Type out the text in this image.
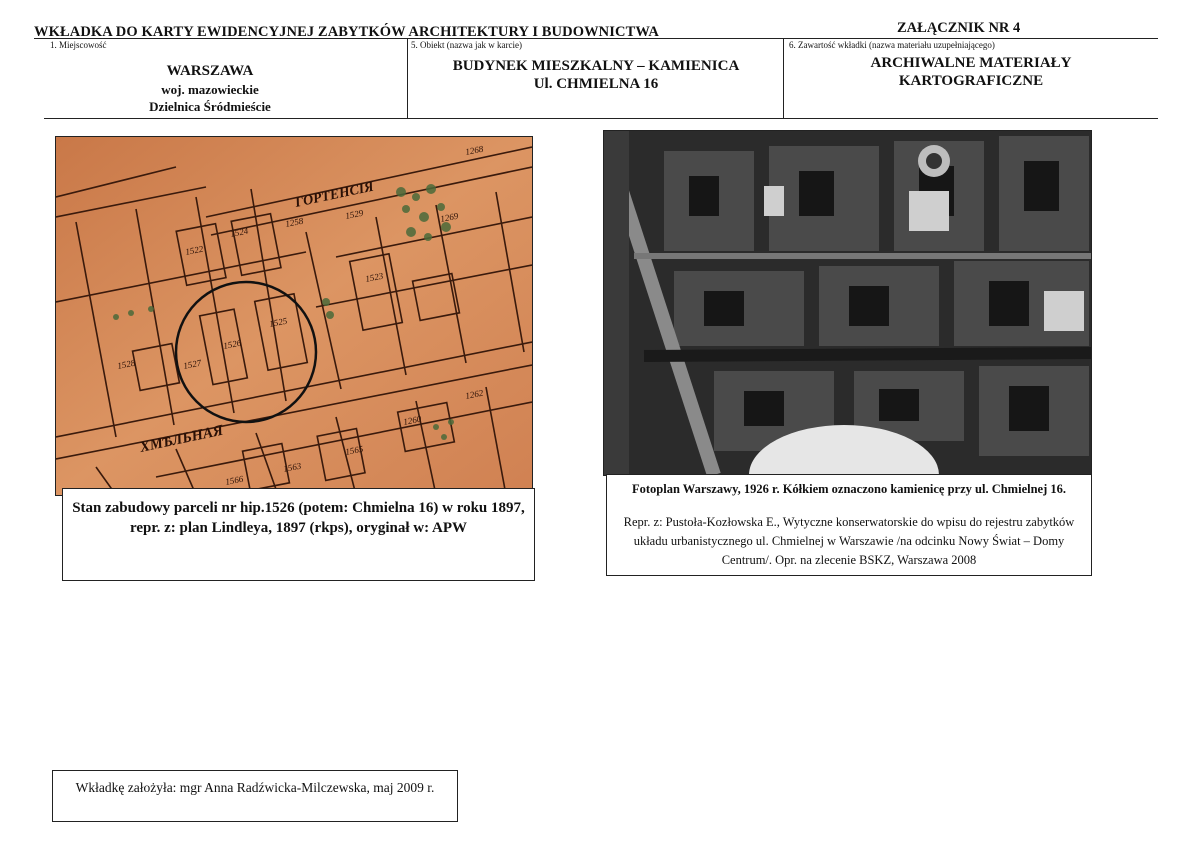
WKŁADKA DO KARTY EWIDENCYJNEJ ZABYTKÓW ARCHITEKTURY I BUDOWNICTWA	ZAŁĄCZNIK NR 4
1. Miejscowość
WARSZAWA
woj. mazowieckie
Dzielnica Śródmieście
5. Obiekt (nazwa jak w karcie)
BUDYNEK MIESZKALNY – KAMIENICA
Ul. CHMIELNA 16
6. Zawartość wkładki (nazwa materiału uzupełniającego)
ARCHIWALNE MATERIAŁY
KARTOGRAFICZNE
ГОРТЕНСIЯ
ХМѢЛЬНАЯ
1526
1525
1527
1524
1523
1522
1528
1529
1260
1262
1258
1565
1563
1566
1268
1269
Stan zabudowy parceli nr hip.1526 (potem: Chmielna 16) w roku 1897, repr. z: plan Lindleya, 1897 (rkps), oryginał w: APW
Fotoplan Warszawy, 1926 r. Kółkiem oznaczono kamienicę przy ul. Chmielnej 16.
Repr. z: Pustoła-Kozłowska E., Wytyczne konserwatorskie do wpisu do rejestru zabytków układu urbanistycznego ul. Chmielnej w Warszawie /na odcinku Nowy Świat – Domy Centrum/. Opr. na zlecenie BSKZ, Warszawa 2008
Wkładkę założyła: mgr Anna Radźwicka-Milczewska, maj 2009 r.
